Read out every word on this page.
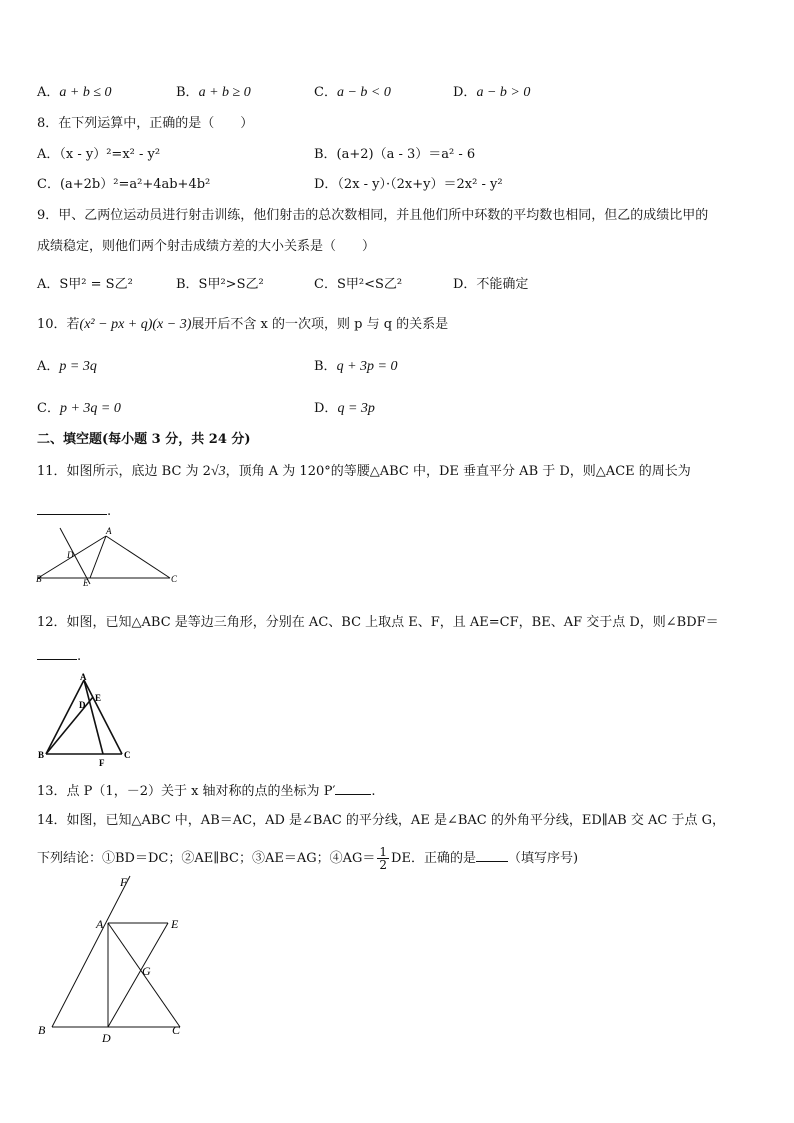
A．a + b ≤ 0	B．a + b ≥ 0	C．a − b < 0	D．a − b > 0
8．在下列运算中，正确的是（　　）
A．（x - y）²=x² - y²	B．(a+2)（a - 3）＝a² - 6
C．(a+2b）²=a²+4ab+4b²	D．（2x - y）·（2x+y）＝2x² - y²
9．甲、乙两位运动员进行射击训练，他们射击的总次数相同，并且他们所中环数的平均数也相同，但乙的成绩比甲的
成绩稳定，则他们两个射击成绩方差的大小关系是（　　）
A．S甲² = S乙²	B．S甲²>S乙²	C．S甲²<S乙²	D．不能确定
10．若(x² − px + q)(x − 3)展开后不含 x 的一次项，则 p 与 q 的关系是
A．p = 3q	B．q + 3p = 0
C．p + 3q = 0	D．q = 3p
二、填空题(每小题 3 分，共 24 分)
11．如图所示，底边 BC 为 2√3，顶角 A 为 120°的等腰△ABC 中，DE 垂直平分 AB 于 D，则△ACE 的周长为
.
A
D
B	E	C
12．如图，已知△ABC 是等边三角形，分别在 AC、BC 上取点 E、F，且 AE=CF，BE、AF 交于点 D，则∠BDF＝
.
A
E
D
B
F
C
13．点 P（1，－2）关于 x 轴对称的点的坐标为 P′	.
14．如图，已知△ABC 中，AB＝AC，AD 是∠BAC 的平分线，AE 是∠BAC 的外角平分线，ED∥AB 交 AC 于点 G，
下列结论：①BD＝DC；②AE∥BC；③AE＝AG；④AG＝ $\frac{1}{2}$ DE．正确的是 （填写序号)
F
A	E
G
B
D
C
